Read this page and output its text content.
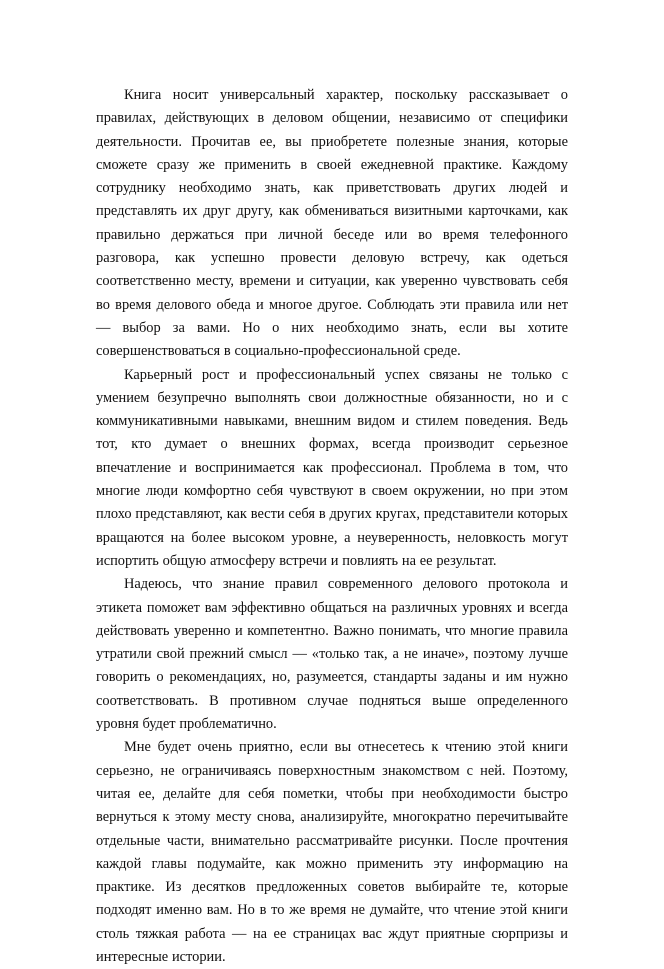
Книга носит универсальный характер, поскольку рассказывает о правилах, действующих в деловом общении, независимо от специфики деятельности. Прочитав ее, вы приобретете полезные знания, которые сможете сразу же применить в своей ежедневной практике. Каждому сотруднику необходимо знать, как приветствовать других людей и представлять их друг другу, как обмениваться визитными карточками, как правильно держаться при личной беседе или во время телефонного разговора, как успешно провести деловую встречу, как одеться соответственно месту, времени и ситуации, как уверенно чувствовать себя во время делового обеда и многое другое. Соблюдать эти правила или нет — выбор за вами. Но о них необходимо знать, если вы хотите совершенствоваться в социально-профессиональной среде.

Карьерный рост и профессиональный успех связаны не только с умением безупречно выполнять свои должностные обязанности, но и с коммуникативными навыками, внешним видом и стилем поведения. Ведь тот, кто думает о внешних формах, всегда производит серьезное впечатление и воспринимается как профессионал. Проблема в том, что многие люди комфортно себя чувствуют в своем окружении, но при этом плохо представляют, как вести себя в других кругах, представители которых вращаются на более высоком уровне, а неуверенность, неловкость могут испортить общую атмосферу встречи и повлиять на ее результат.

Надеюсь, что знание правил современного делового протокола и этикета поможет вам эффективно общаться на различных уровнях и всегда действовать уверенно и компетентно. Важно понимать, что многие правила утратили свой прежний смысл — «только так, а не иначе», поэтому лучше говорить о рекомендациях, но, разумеется, стандарты заданы и им нужно соответствовать. В противном случае подняться выше определенного уровня будет проблематично.

Мне будет очень приятно, если вы отнесетесь к чтению этой книги серьезно, не ограничиваясь поверхностным знакомством с ней. Поэтому, читая ее, делайте для себя пометки, чтобы при необходимости быстро вернуться к этому месту снова, анализируйте, многократно перечитывайте отдельные части, внимательно рассматривайте рисунки. После прочтения каждой главы подумайте, как можно применить эту информацию на практике. Из десятков предложенных советов выбирайте те, которые подходят именно вам. Но в то же время не думайте, что чтение этой книги столь тяжкая работа — на ее страницах вас ждут приятные сюрпризы и интересные истории.
